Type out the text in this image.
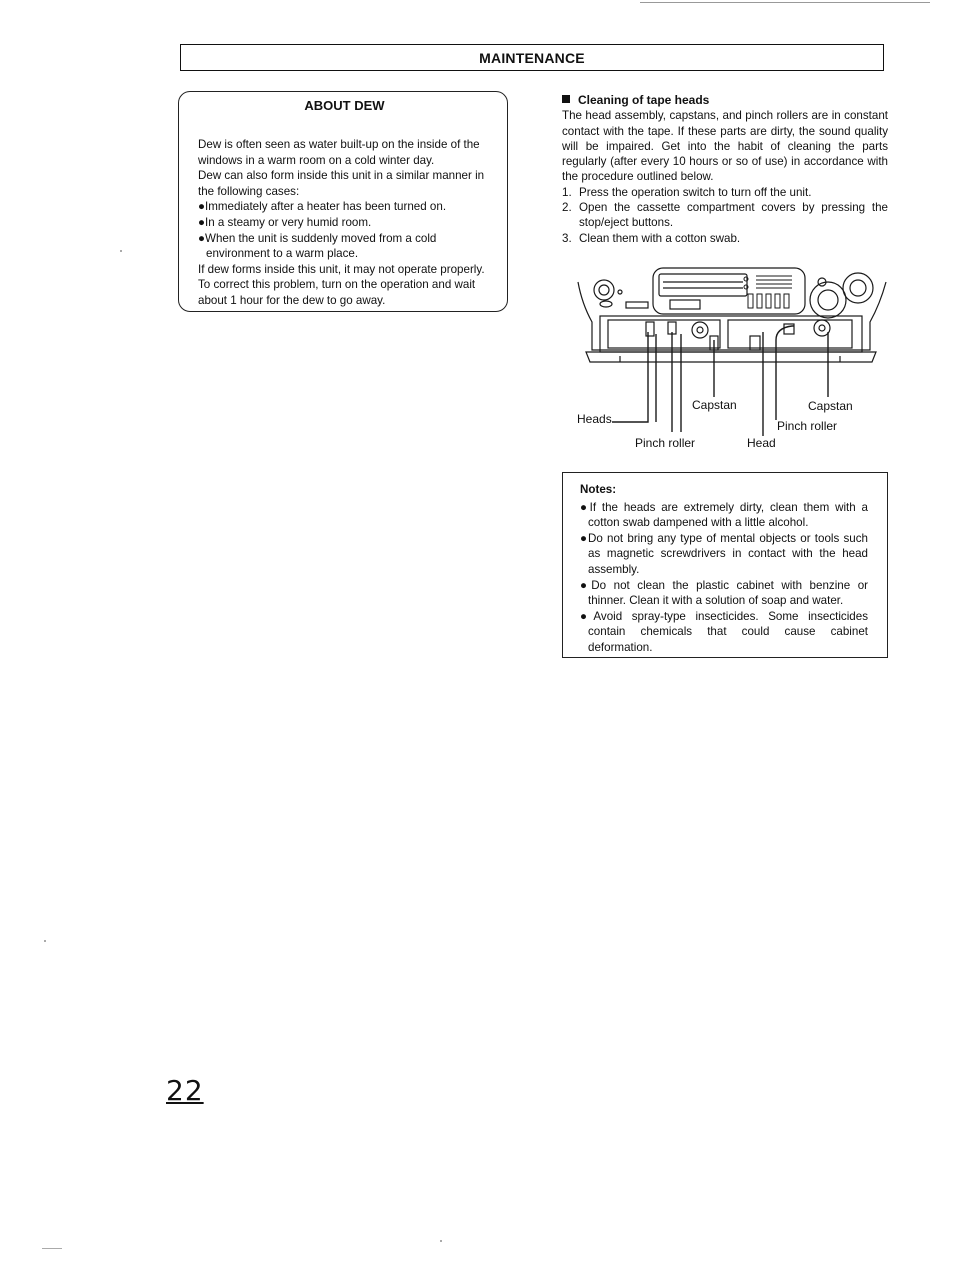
MAINTENANCE
ABOUT DEW

Dew is often seen as water built-up on the inside of the windows in a warm room on a cold winter day.

Dew can also form inside this unit in a similar manner in the following cases:

●Immediately after a heater has been turned on.

●In a steamy or very humid room.

●When the unit is suddenly moved from a cold environment to a warm place.

If dew forms inside this unit, it may not operate properly. To correct this problem, turn on the operation and wait about 1 hour for the dew to go away.

Cleaning of tape heads

The head assembly, capstans, and pinch rollers are in constant contact with the tape. If these parts are dirty, the sound quality will be impaired. Get into the habit of cleaning the parts regularly (after every 10 hours or so of use) in accordance with the procedure outlined below.

1. Press the operation switch to turn off the unit.
2. Open the cassette compartment covers by pressing the stop/eject buttons.
3. Clean them with a cotton swab.
Heads
Capstan	Capstan
Pinch roller
Pinch roller	Head

Notes:

●If the heads are extremely dirty, clean them with a cotton swab dampened with a little alcohol.

●Do not bring any type of mental objects or tools such as magnetic screwdrivers in contact with the head assembly.

●Do not clean the plastic cabinet with benzine or thinner. Clean it with a solution of soap and water.

●Avoid spray-type insecticides. Some insecticides contain chemicals that could cause cabinet deformation.

22
